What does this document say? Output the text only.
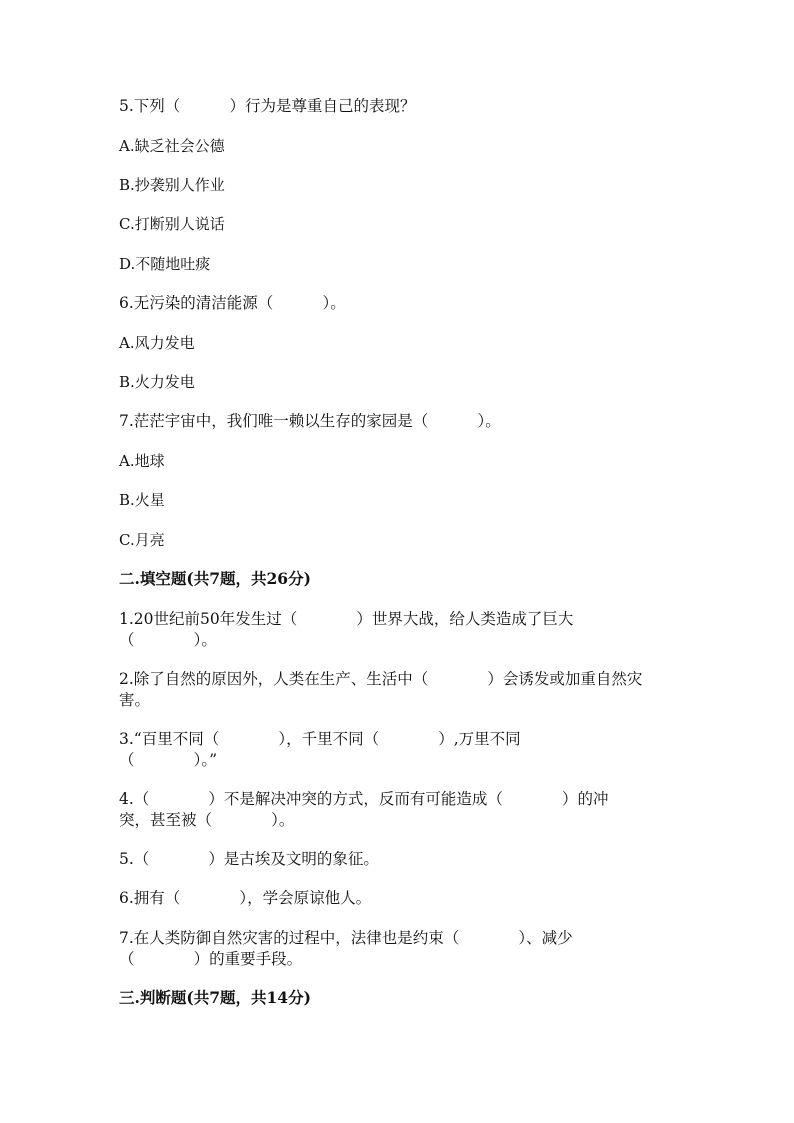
5.下列（          ）行为是尊重自己的表现？
A.缺乏社会公德
B.抄袭别人作业
C.打断别人说话
D.不随地吐痰
6.无污染的清洁能源（          ）。
A.风力发电
B.火力发电
7.茫茫宇宙中，我们唯一赖以生存的家园是（          ）。
A.地球
B.火星
C.月亮
二.填空题(共7题，共26分)
1.20世纪前50年发生过（            ）世界大战，给人类造成了巨大
（            ）。
2.除了自然的原因外，人类在生产、生活中（            ）会诱发或加重自然灾
害。
3.“百里不同（            ），千里不同（            ）,万里不同
（            ）。”
4.（            ）不是解决冲突的方式，反而有可能造成（            ）的冲
突，甚至被（            ）。
5.（            ）是古埃及文明的象征。
6.拥有（            ），学会原谅他人。
7.在人类防御自然灾害的过程中，法律也是约束（            ）、减少
（            ）的重要手段。
三.判断题(共7题，共14分)
